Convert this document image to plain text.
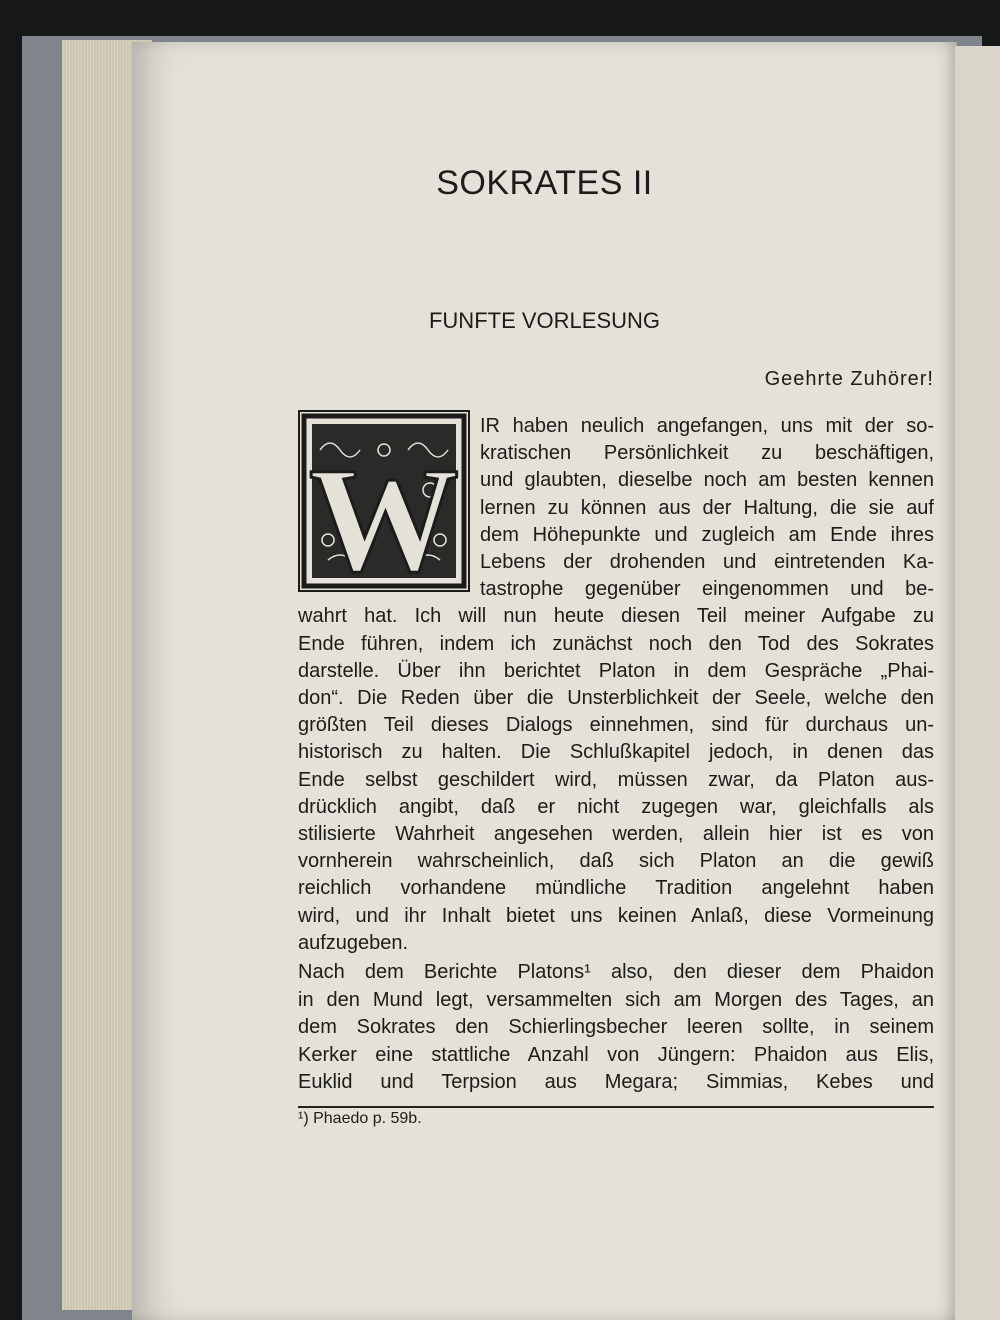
SOKRATES II
FUNFTE VORLESUNG
Geehrte Zuhörer!
W
IR haben neulich angefangen, uns mit der so-
kratischen Persönlichkeit zu beschäftigen,
und glaubten, dieselbe noch am besten kennen
lernen zu können aus der Haltung, die sie auf
dem Höhepunkte und zugleich am Ende ihres
Lebens der drohenden und eintretenden Ka-
tastrophe gegenüber eingenommen und be-
wahrt hat. Ich will nun heute diesen Teil meiner Aufgabe zu
Ende führen, indem ich zunächst noch den Tod des Sokrates
darstelle. Über ihn berichtet Platon in dem Gespräche „Phai-
don“. Die Reden über die Unsterblichkeit der Seele, welche den
größten Teil dieses Dialogs einnehmen, sind für durchaus un-
historisch zu halten. Die Schlußkapitel jedoch, in denen das
Ende selbst geschildert wird, müssen zwar, da Platon aus-
drücklich angibt, daß er nicht zugegen war, gleichfalls als
stilisierte Wahrheit angesehen werden, allein hier ist es von
vornherein wahrscheinlich, daß sich Platon an die gewiß
reichlich vorhandene mündliche Tradition angelehnt haben
wird, und ihr Inhalt bietet uns keinen Anlaß, diese Vormeinung
aufzugeben.
Nach dem Berichte Platons¹ also, den dieser dem Phaidon
in den Mund legt, versammelten sich am Morgen des Tages, an
dem Sokrates den Schierlingsbecher leeren sollte, in seinem
Kerker eine stattliche Anzahl von Jüngern: Phaidon aus Elis,
Euklid und Terpsion aus Megara; Simmias, Kebes und
¹) Phaedo p. 59b.
